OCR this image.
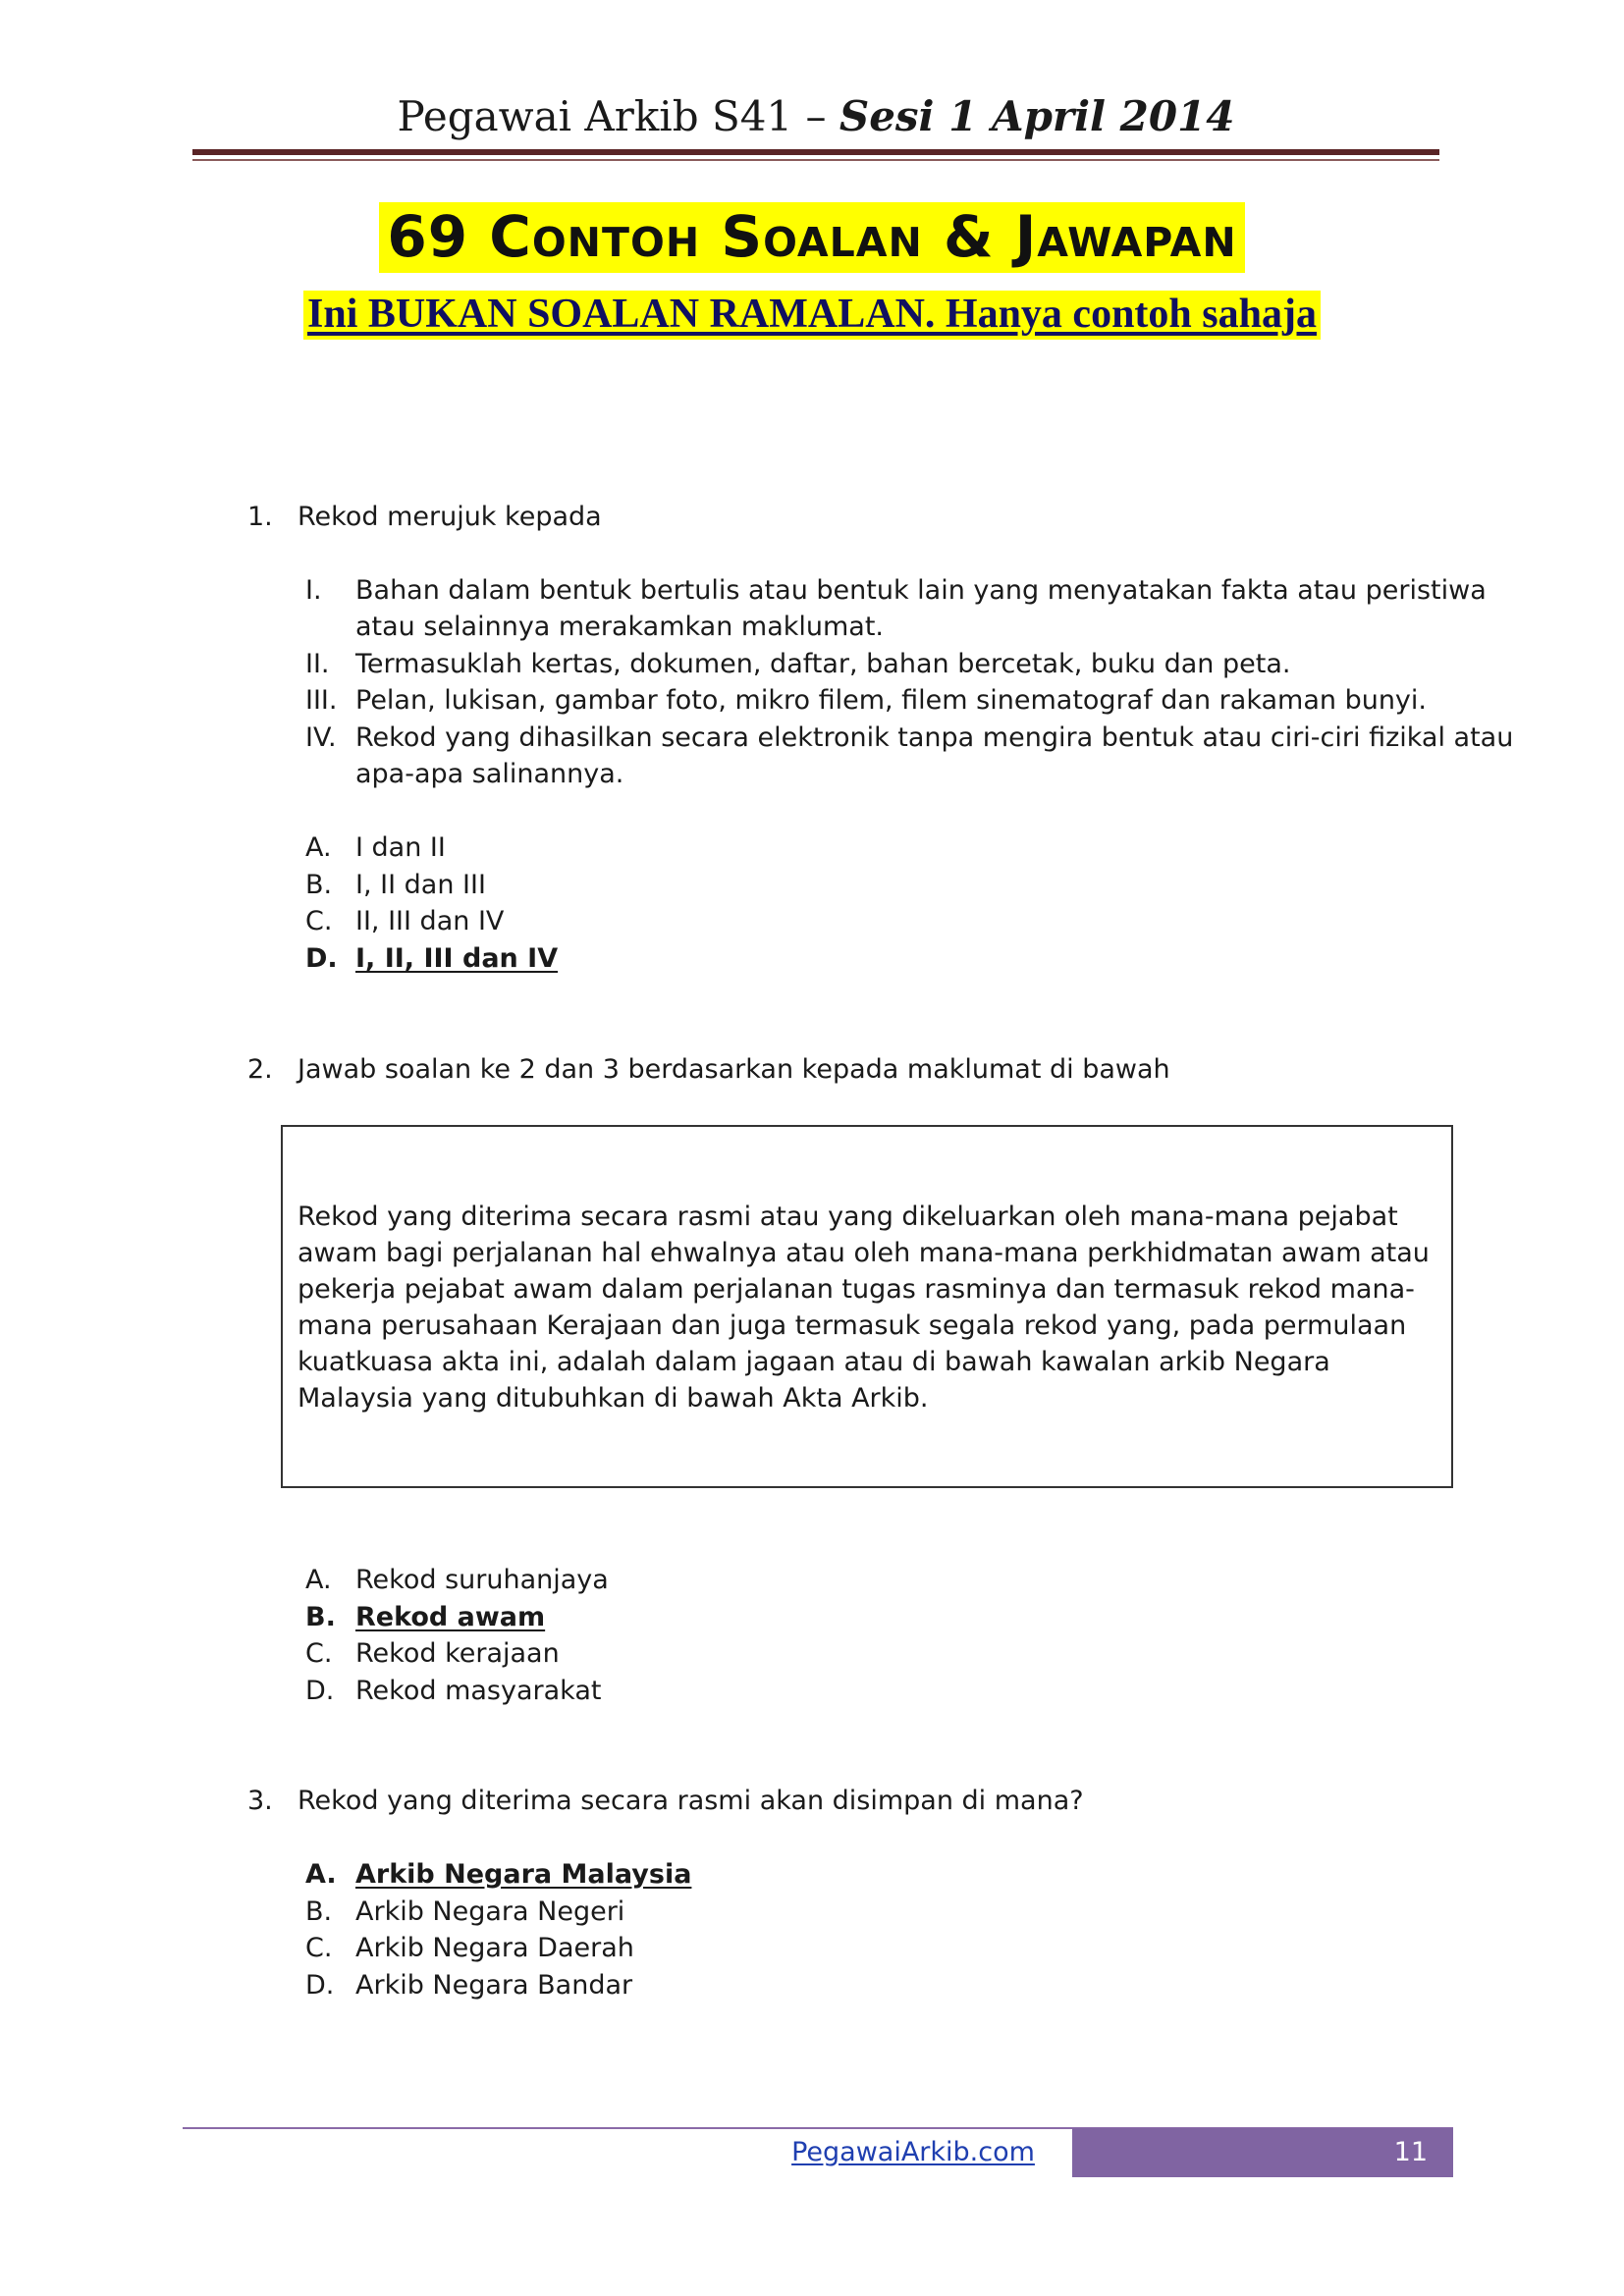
Pegawai Arkib S41 – Sesi 1 April 2014
69 Contoh Soalan & Jawapan
Ini BUKAN SOALAN RAMALAN. Hanya contoh sahaja
1. Rekod merujuk kepada
I. Bahan dalam bentuk bertulis atau bentuk lain yang menyatakan fakta atau peristiwa
atau selainnya merakamkan maklumat.
II. Termasuklah kertas, dokumen, daftar, bahan bercetak, buku dan peta.
III. Pelan, lukisan, gambar foto, mikro filem, filem sinematograf dan rakaman bunyi.
IV. Rekod yang dihasilkan secara elektronik tanpa mengira bentuk atau ciri-ciri fizikal atau
apa-apa salinannya.
A. I dan II
B. I, II dan III
C. II, III dan IV
D. I, II, III dan IV
2. Jawab soalan ke 2 dan 3 berdasarkan kepada maklumat di bawah
Rekod yang diterima secara rasmi atau yang dikeluarkan oleh mana-mana pejabat awam bagi perjalanan hal ehwalnya atau oleh mana-mana perkhidmatan awam atau pekerja pejabat awam dalam perjalanan tugas rasminya dan termasuk rekod mana-mana perusahaan Kerajaan dan juga termasuk segala rekod yang, pada permulaan kuatkuasa akta ini, adalah dalam jagaan atau di bawah kawalan arkib Negara Malaysia yang ditubuhkan di bawah Akta Arkib.
A. Rekod suruhanjaya
B. Rekod awam
C. Rekod kerajaan
D. Rekod masyarakat
3. Rekod yang diterima secara rasmi akan disimpan di mana?
A. Arkib Negara Malaysia
B. Arkib Negara Negeri
C. Arkib Negara Daerah
D. Arkib Negara Bandar
PegawaiArkib.com	11
